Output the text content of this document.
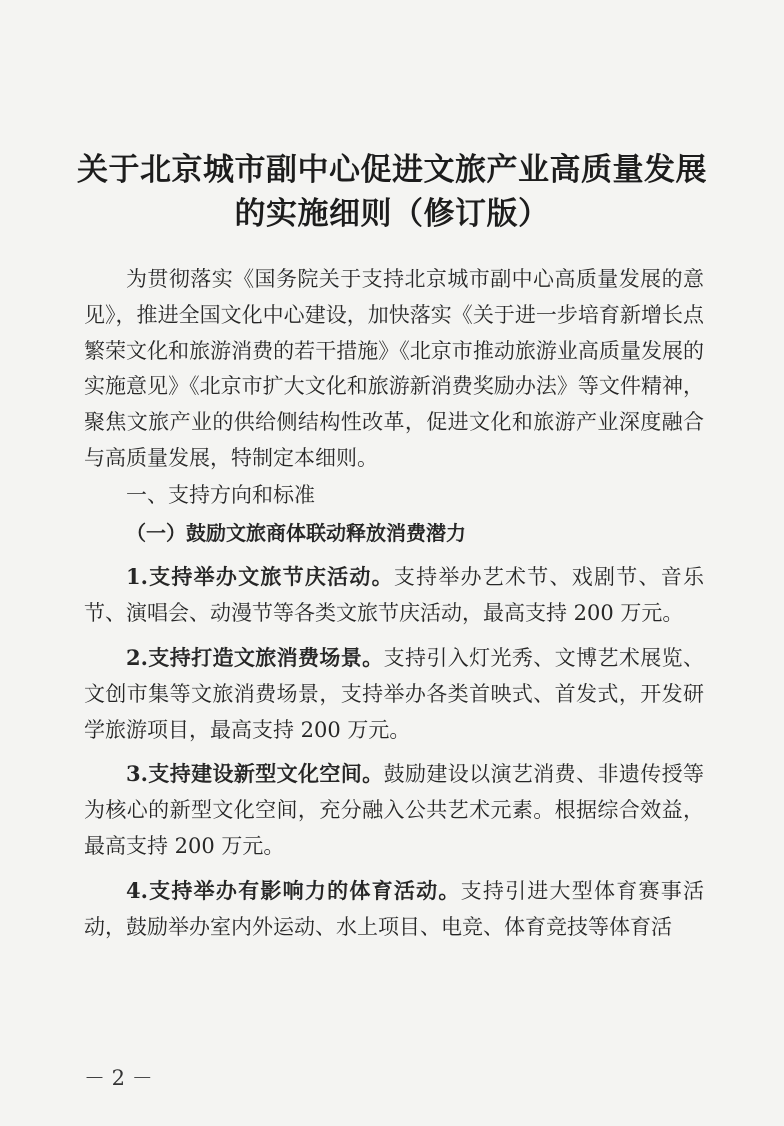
关于北京城市副中心促进文旅产业高质量发展
的实施细则（修订版）

为贯彻落实《国务院关于支持北京城市副中心高质量发展的意见》，推进全国文化中心建设，加快落实《关于进一步培育新增长点繁荣文化和旅游消费的若干措施》《北京市推动旅游业高质量发展的实施意见》《北京市扩大文化和旅游新消费奖励办法》等文件精神，聚焦文旅产业的供给侧结构性改革，促进文化和旅游产业深度融合与高质量发展，特制定本细则。

一、支持方向和标准

（一）鼓励文旅商体联动释放消费潜力

1.支持举办文旅节庆活动。支持举办艺术节、戏剧节、音乐节、演唱会、动漫节等各类文旅节庆活动，最高支持 200 万元。

2.支持打造文旅消费场景。支持引入灯光秀、文博艺术展览、文创市集等文旅消费场景，支持举办各类首映式、首发式，开发研学旅游项目，最高支持 200 万元。

3.支持建设新型文化空间。鼓励建设以演艺消费、非遗传授等为核心的新型文化空间，充分融入公共艺术元素。根据综合效益，最高支持 200 万元。

4.支持举办有影响力的体育活动。支持引进大型体育赛事活动，鼓励举办室内外运动、水上项目、电竞、体育竞技等体育活

－ 2 －
